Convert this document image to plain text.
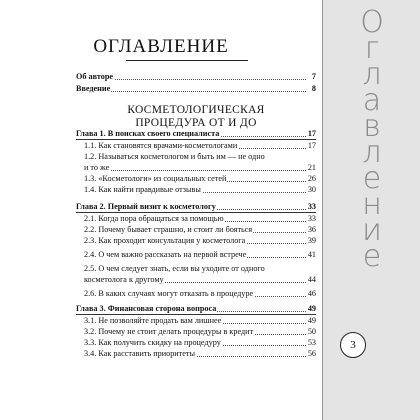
ОГЛАВЛЕНИЕ
Об авторе	7
Введение	8
КОСМЕТОЛОГИЧЕСКАЯ
ПРОЦЕДУРА ОТ И ДО
Глава 1. В поисках своего специалиста	17
1.1. Как становятся врачами-косметологами	17
1.2. Называться косметологом и быть им — не одно
и то же	21
1.3. «Косметологи» из социальных сетей	26
1.4. Как найти правдивые отзывы	30
Глава 2. Первый визит к косметологу	33
2.1. Когда пора обращаться за помощью	33
2.2. Почему бывает страшно, и стоит ли бояться	36
2.3. Как проходит консультация у косметолога	39
2.4. О чем важно рассказать на первой встрече	41
2.5. О чем следует знать, если вы уходите от одного
косметолога к другому	44
2.6. В каких случаях могут отказать в процедуре	46
Глава 3. Финансовая сторона вопроса	49
3.1. Не позволяйте продать вам лишнее	49
3.2. Почему не стоит делать процедуры в кредит	50
3.3. Как получить скидку на процедуру	53
3.4. Как расставить приоритеты	56
О
г
л
а
в
л
е
н
и
е
3
